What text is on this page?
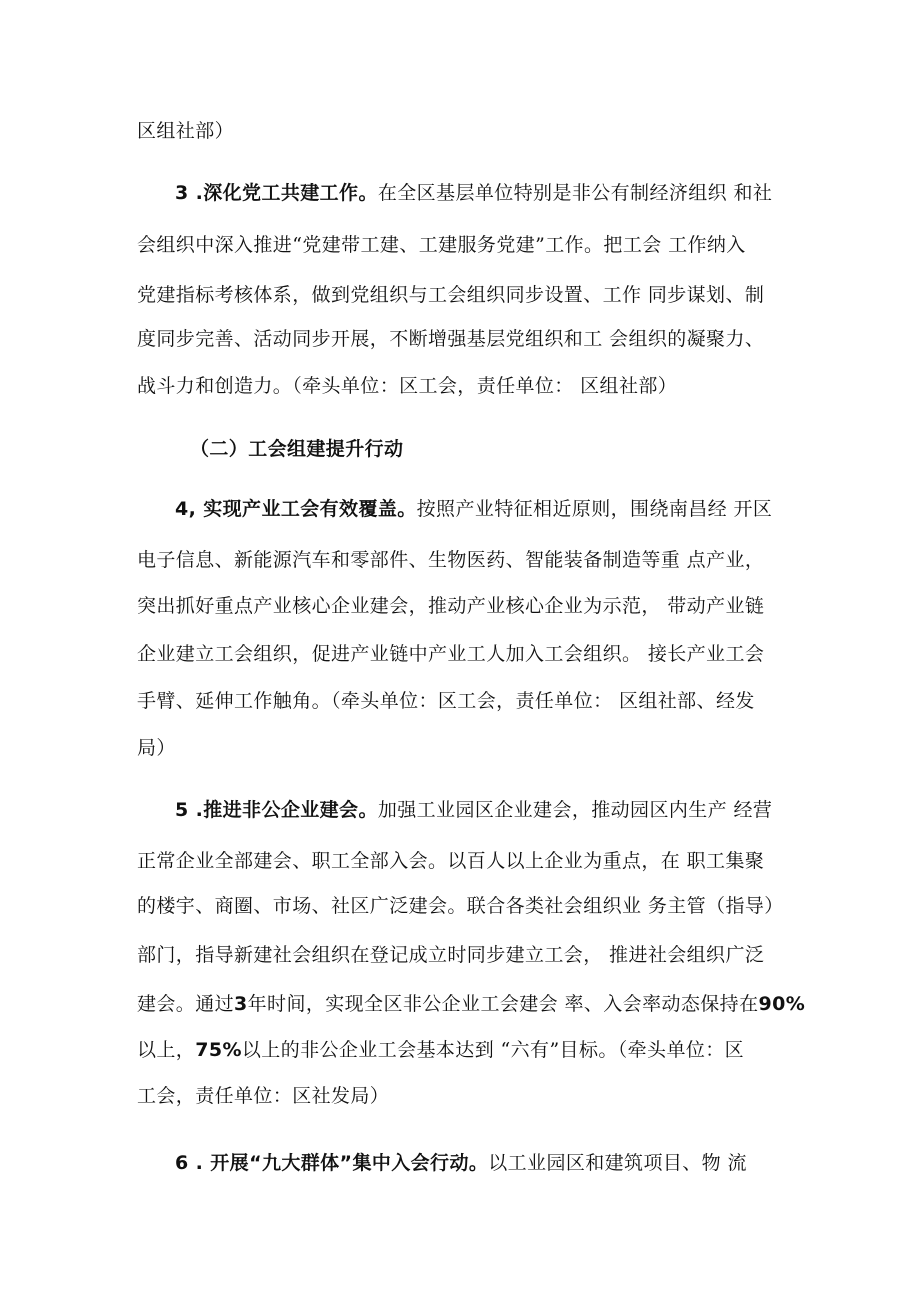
区组社部）
3 .深化党工共建工作。在全区基层单位特别是非公有制经济组织 和社
会组织中深入推进“党建带工建、工建服务党建”工作。把工会 工作纳入
党建指标考核体系，做到党组织与工会组织同步设置、工作 同步谋划、制
度同步完善、活动同步开展，不断增强基层党组织和工 会组织的凝聚力、
战斗力和创造力。（牵头单位：区工会，责任单位： 区组社部）
（二）工会组建提升行动
4, 实现产业工会有效覆盖。按照产业特征相近原则，围绕南昌经 开区
电子信息、新能源汽车和零部件、生物医药、智能装备制造等重 点产业，
突出抓好重点产业核心企业建会，推动产业核心企业为示范， 带动产业链
企业建立工会组织，促进产业链中产业工人加入工会组织。 接长产业工会
手臂、延伸工作触角。（牵头单位：区工会，责任单位： 区组社部、经发
局）
5 .推进非公企业建会。加强工业园区企业建会，推动园区内生产 经营
正常企业全部建会、职工全部入会。以百人以上企业为重点，在 职工集聚
的楼宇、商圈、市场、社区广泛建会。联合各类社会组织业 务主管（指导）
部门，指导新建社会组织在登记成立时同步建立工会， 推进社会组织广泛
建会。通过3年时间，实现全区非公企业工会建会 率、入会率动态保持在90%
以上，75%以上的非公企业工会基本达到 “六有”目标。（牵头单位：区
工会，责任单位：区社发局）
6 . 开展“九大群体”集中入会行动。以工业园区和建筑项目、物 流
